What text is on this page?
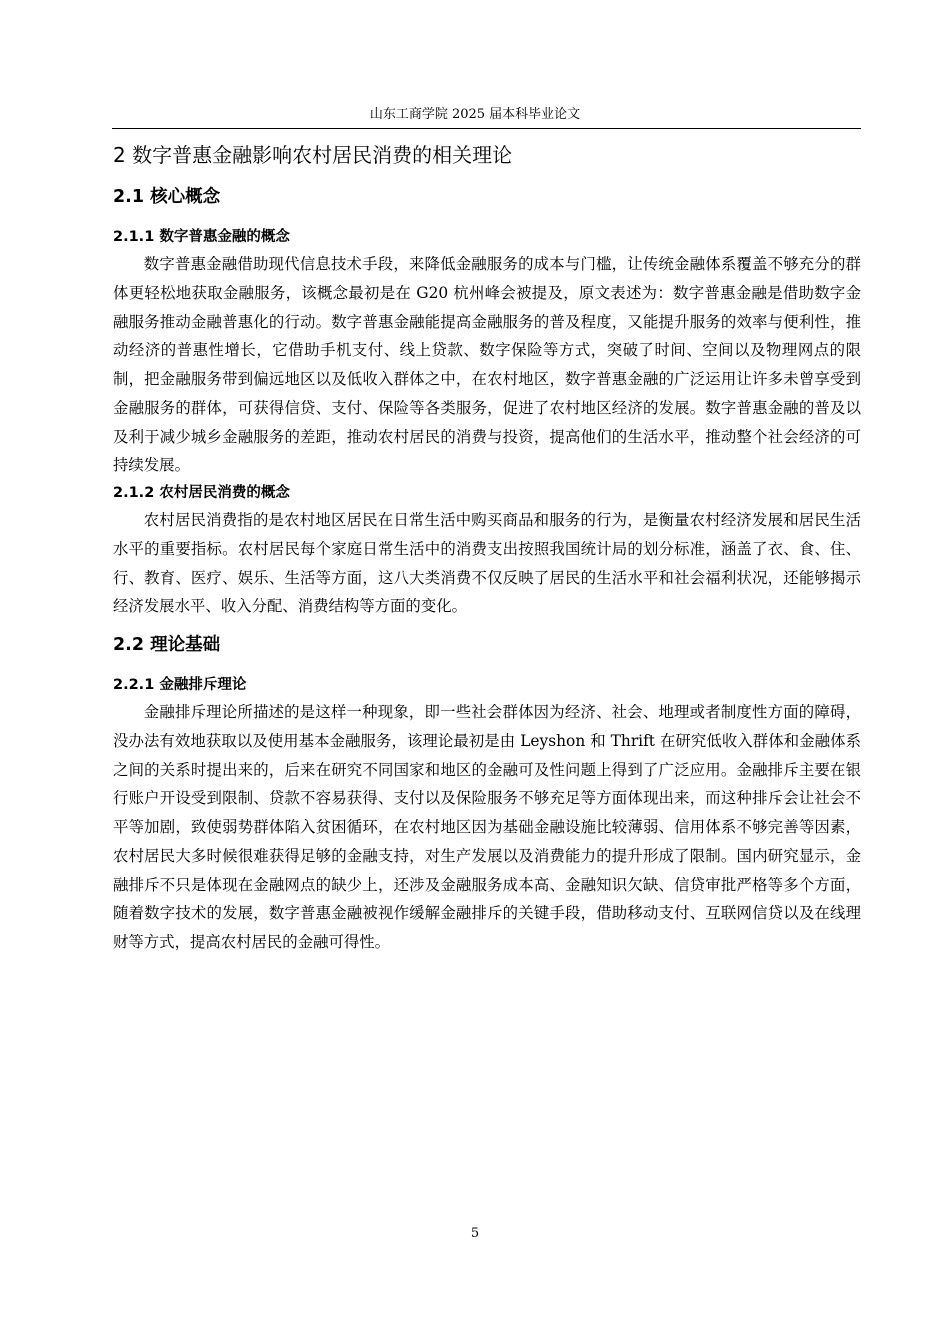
山东工商学院 2025 届本科毕业论文
2 数字普惠金融影响农村居民消费的相关理论
2.1 核心概念
2.1.1 数字普惠金融的概念

数字普惠金融借助现代信息技术手段，来降低金融服务的成本与门槛，让传统金融体系覆盖不够充分的群体更轻松地获取金融服务，该概念最初是在 G20 杭州峰会被提及，原文表述为：数字普惠金融是借助数字金融服务推动金融普惠化的行动。数字普惠金融能提高金融服务的普及程度，又能提升服务的效率与便利性，推动经济的普惠性增长，它借助手机支付、线上贷款、数字保险等方式，突破了时间、空间以及物理网点的限制，把金融服务带到偏远地区以及低收入群体之中，在农村地区，数字普惠金融的广泛运用让许多未曾享受到金融服务的群体，可获得信贷、支付、保险等各类服务，促进了农村地区经济的发展。数字普惠金融的普及以及利于减少城乡金融服务的差距，推动农村居民的消费与投资，提高他们的生活水平，推动整个社会经济的可持续发展。

2.1.2 农村居民消费的概念

农村居民消费指的是农村地区居民在日常生活中购买商品和服务的行为，是衡量农村经济发展和居民生活水平的重要指标。农村居民每个家庭日常生活中的消费支出按照我国统计局的划分标准，涵盖了衣、食、住、行、教育、医疗、娱乐、生活等方面，这八大类消费不仅反映了居民的生活水平和社会福利状况，还能够揭示经济发展水平、收入分配、消费结构等方面的变化。

2.2 理论基础
2.2.1 金融排斥理论

金融排斥理论所描述的是这样一种现象，即一些社会群体因为经济、社会、地理或者制度性方面的障碍，没办法有效地获取以及使用基本金融服务，该理论最初是由 Leyshon 和 Thrift 在研究低收入群体和金融体系之间的关系时提出来的，后来在研究不同国家和地区的金融可及性问题上得到了广泛应用。金融排斥主要在银行账户开设受到限制、贷款不容易获得、支付以及保险服务不够充足等方面体现出来，而这种排斥会让社会不平等加剧，致使弱势群体陷入贫困循环，在农村地区因为基础金融设施比较薄弱、信用体系不够完善等因素，农村居民大多时候很难获得足够的金融支持，对生产发展以及消费能力的提升形成了限制。国内研究显示，金融排斥不只是体现在金融网点的缺少上，还涉及金融服务成本高、金融知识欠缺、信贷审批严格等多个方面，随着数字技术的发展，数字普惠金融被视作缓解金融排斥的关键手段，借助移动支付、互联网信贷以及在线理财等方式，提高农村居民的金融可得性。

5
